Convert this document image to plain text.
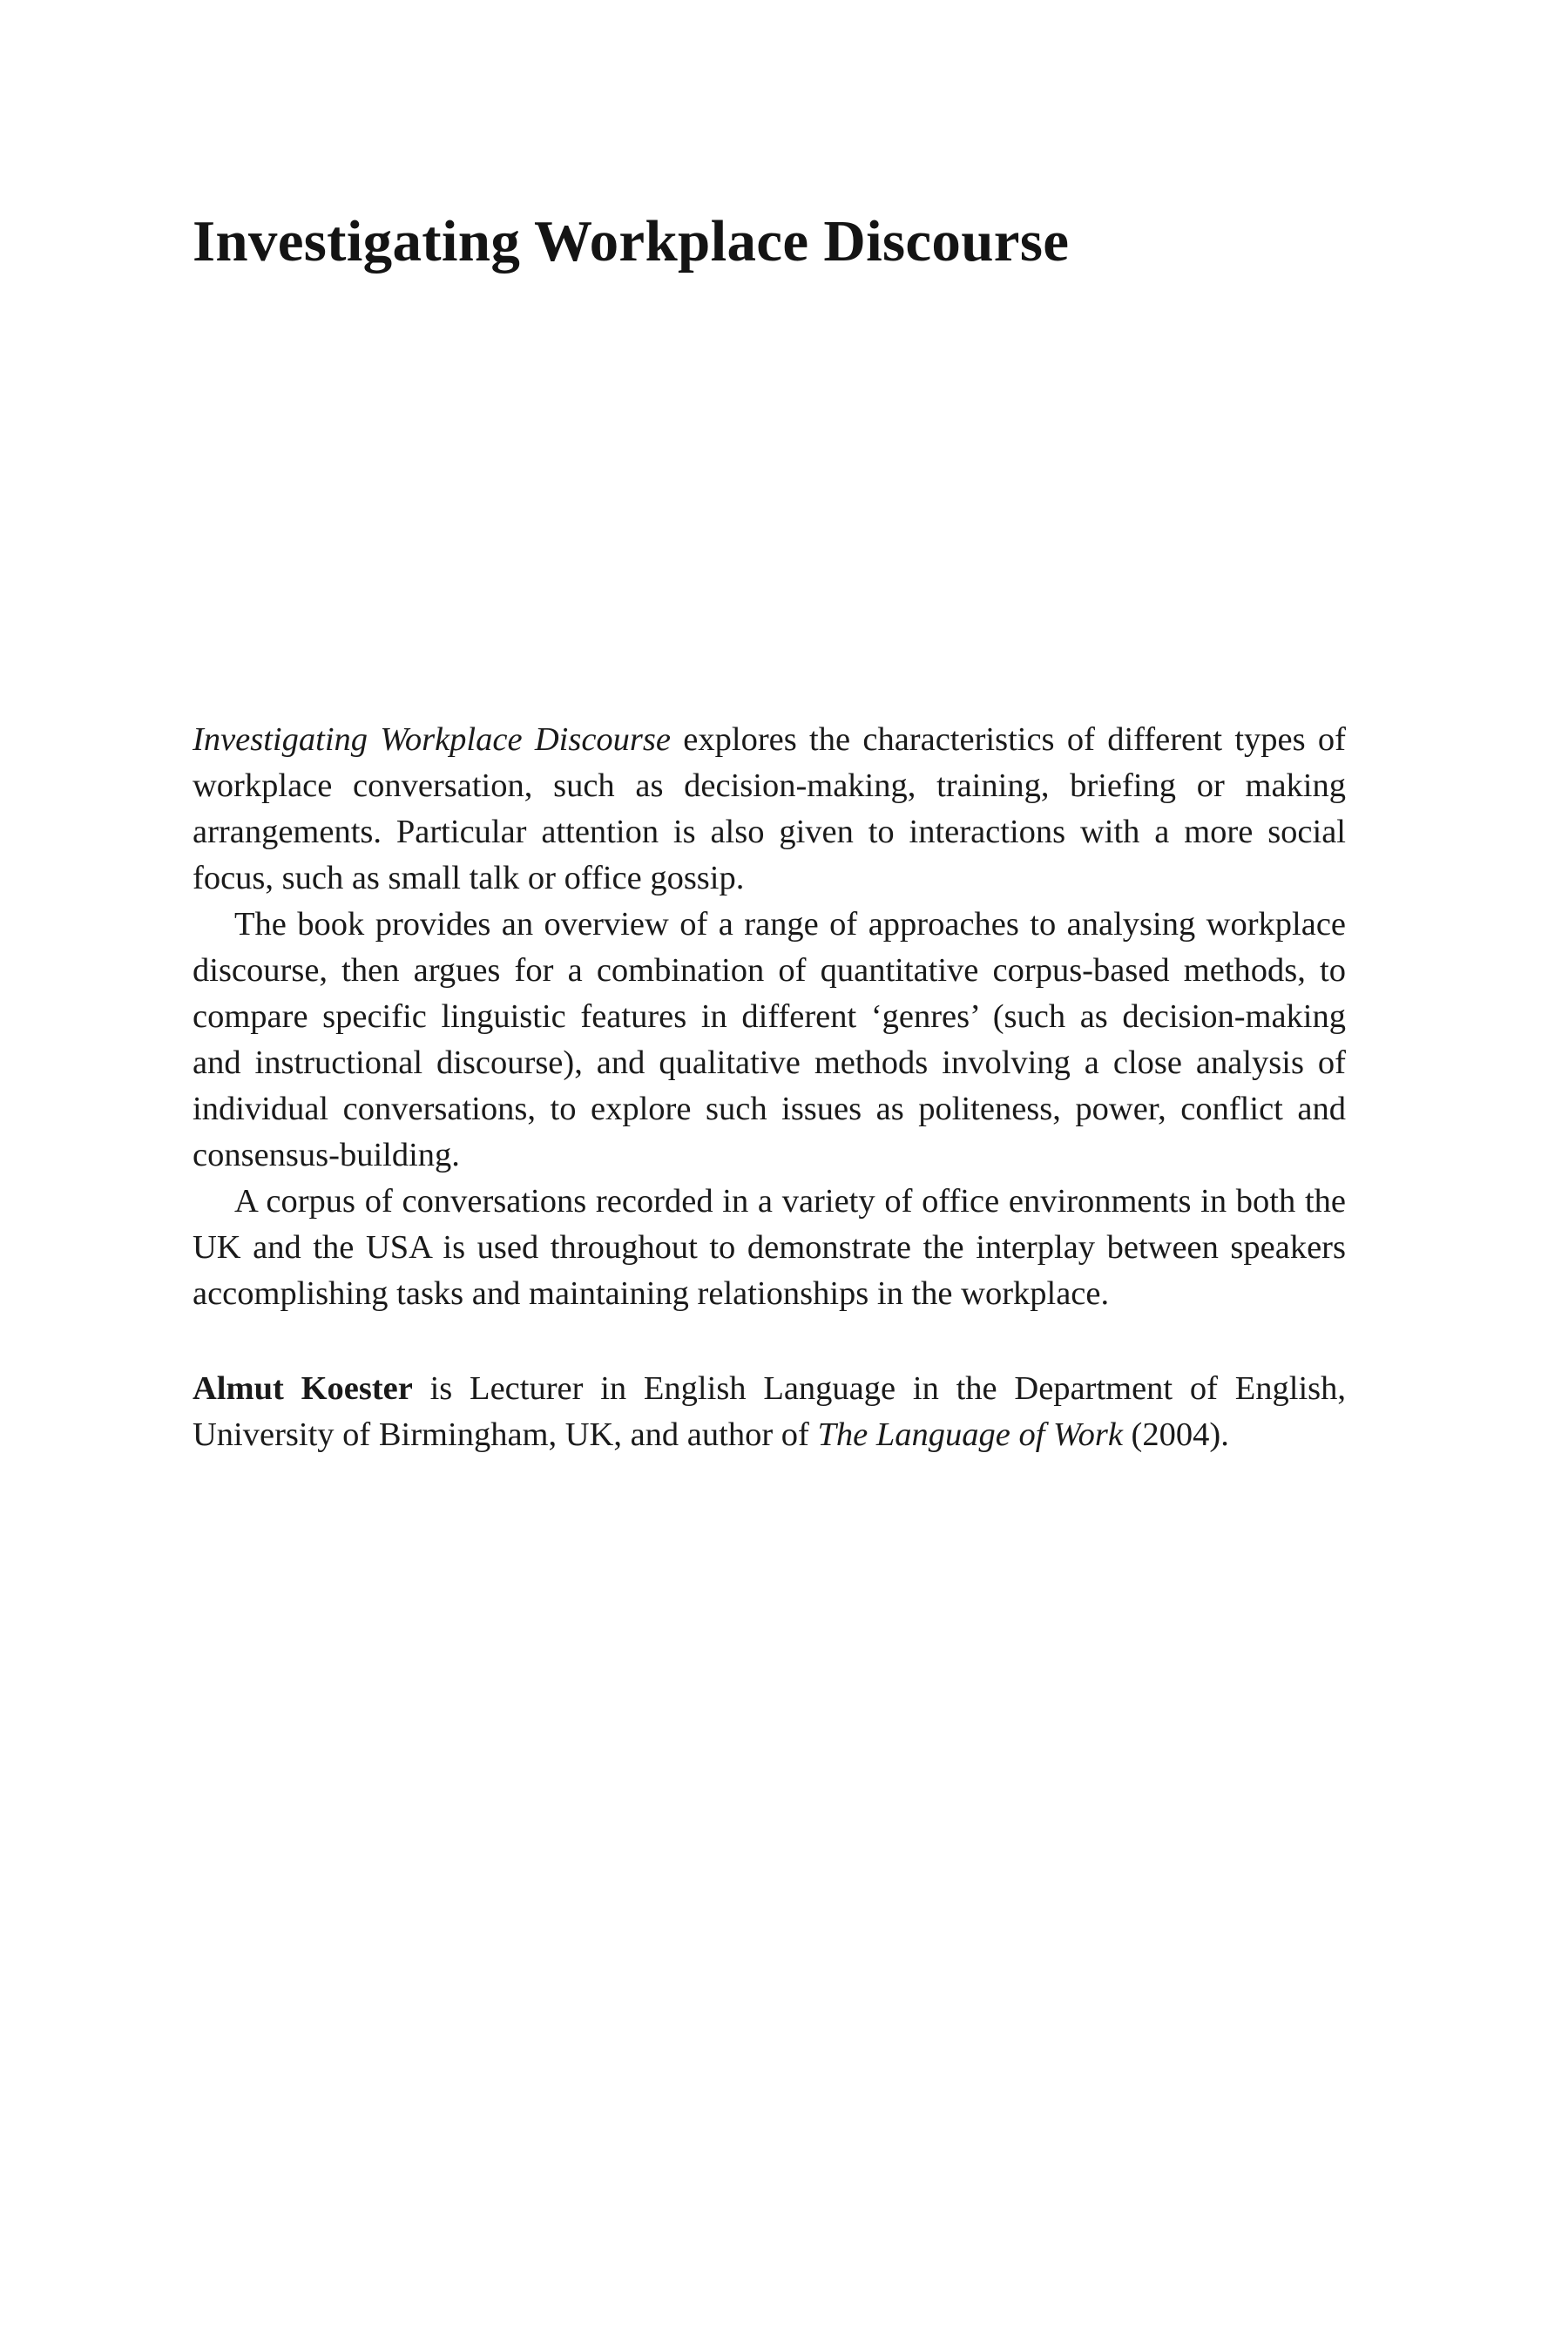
Investigating Workplace Discourse

Investigating Workplace Discourse explores the characteristics of different types of workplace conversation, such as decision-making, training, briefing or making arrangements. Particular attention is also given to interactions with a more social focus, such as small talk or office gossip.

The book provides an overview of a range of approaches to analysing workplace discourse, then argues for a combination of quantitative corpus-based methods, to compare specific linguistic features in different ‘genres’ (such as decision-making and instructional discourse), and qualitative methods involving a close analysis of individual conversations, to explore such issues as politeness, power, conflict and consensus-building.

A corpus of conversations recorded in a variety of office environments in both the UK and the USA is used throughout to demonstrate the interplay between speakers accomplishing tasks and maintaining relationships in the workplace.

Almut Koester is Lecturer in English Language in the Department of English, University of Birmingham, UK, and author of The Language of Work (2004).
